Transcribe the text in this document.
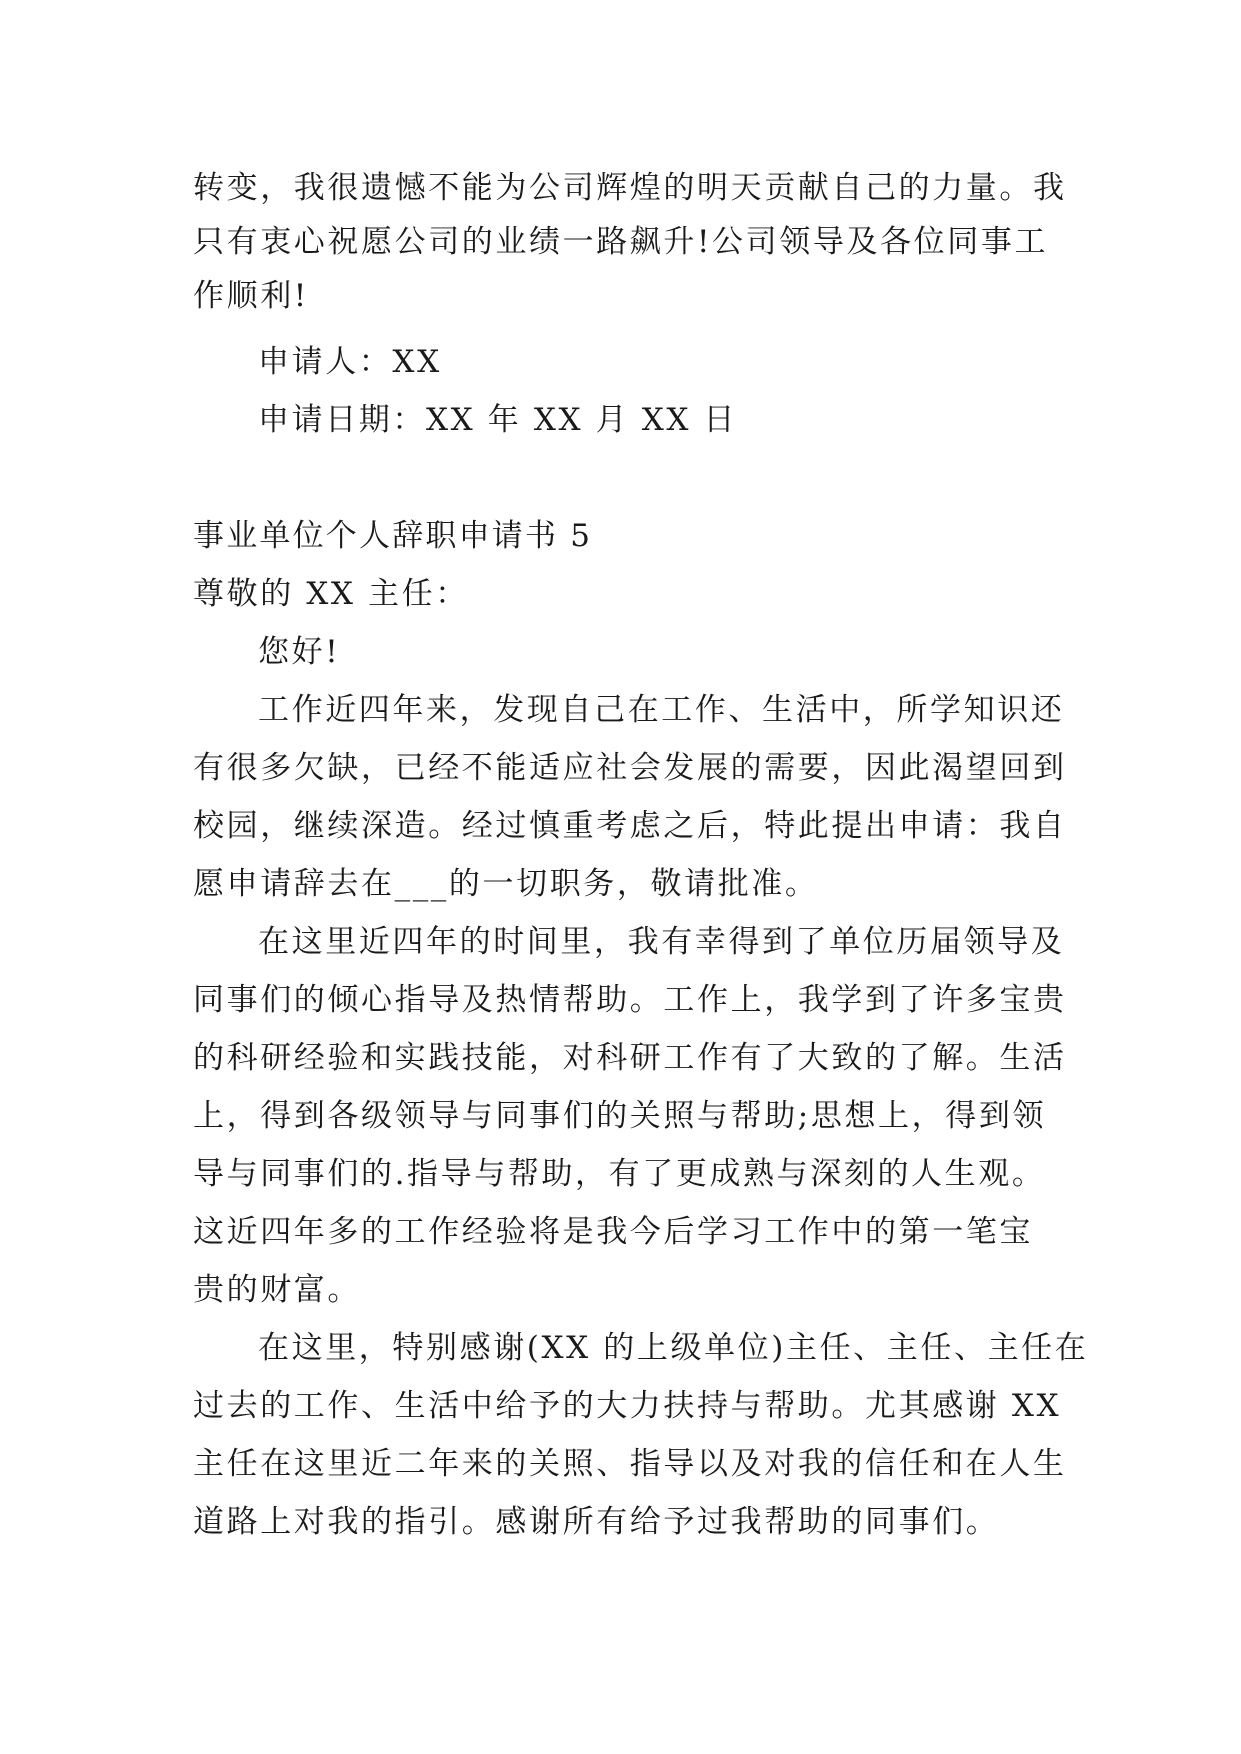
转变，我很遗憾不能为公司辉煌的明天贡献自己的力量。我

只有衷心祝愿公司的业绩一路飙升!公司领导及各位同事工

作顺利!

申请人：XX

申请日期：XX 年 XX 月 XX 日

事业单位个人辞职申请书 5

尊敬的 XX 主任：

您好!

工作近四年来，发现自己在工作、生活中，所学知识还

有很多欠缺，已经不能适应社会发展的需要，因此渴望回到

校园，继续深造。经过慎重考虑之后，特此提出申请：我自

愿申请辞去在___的一切职务，敬请批准。

在这里近四年的时间里，我有幸得到了单位历届领导及

同事们的倾心指导及热情帮助。工作上，我学到了许多宝贵

的科研经验和实践技能，对科研工作有了大致的了解。生活

上，得到各级领导与同事们的关照与帮助;思想上，得到领

导与同事们的.指导与帮助，有了更成熟与深刻的人生观。

这近四年多的工作经验将是我今后学习工作中的第一笔宝

贵的财富。

在这里，特别感谢(XX 的上级单位)主任、主任、主任在

过去的工作、生活中给予的大力扶持与帮助。尤其感谢 XX

主任在这里近二年来的关照、指导以及对我的信任和在人生

道路上对我的指引。感谢所有给予过我帮助的同事们。
